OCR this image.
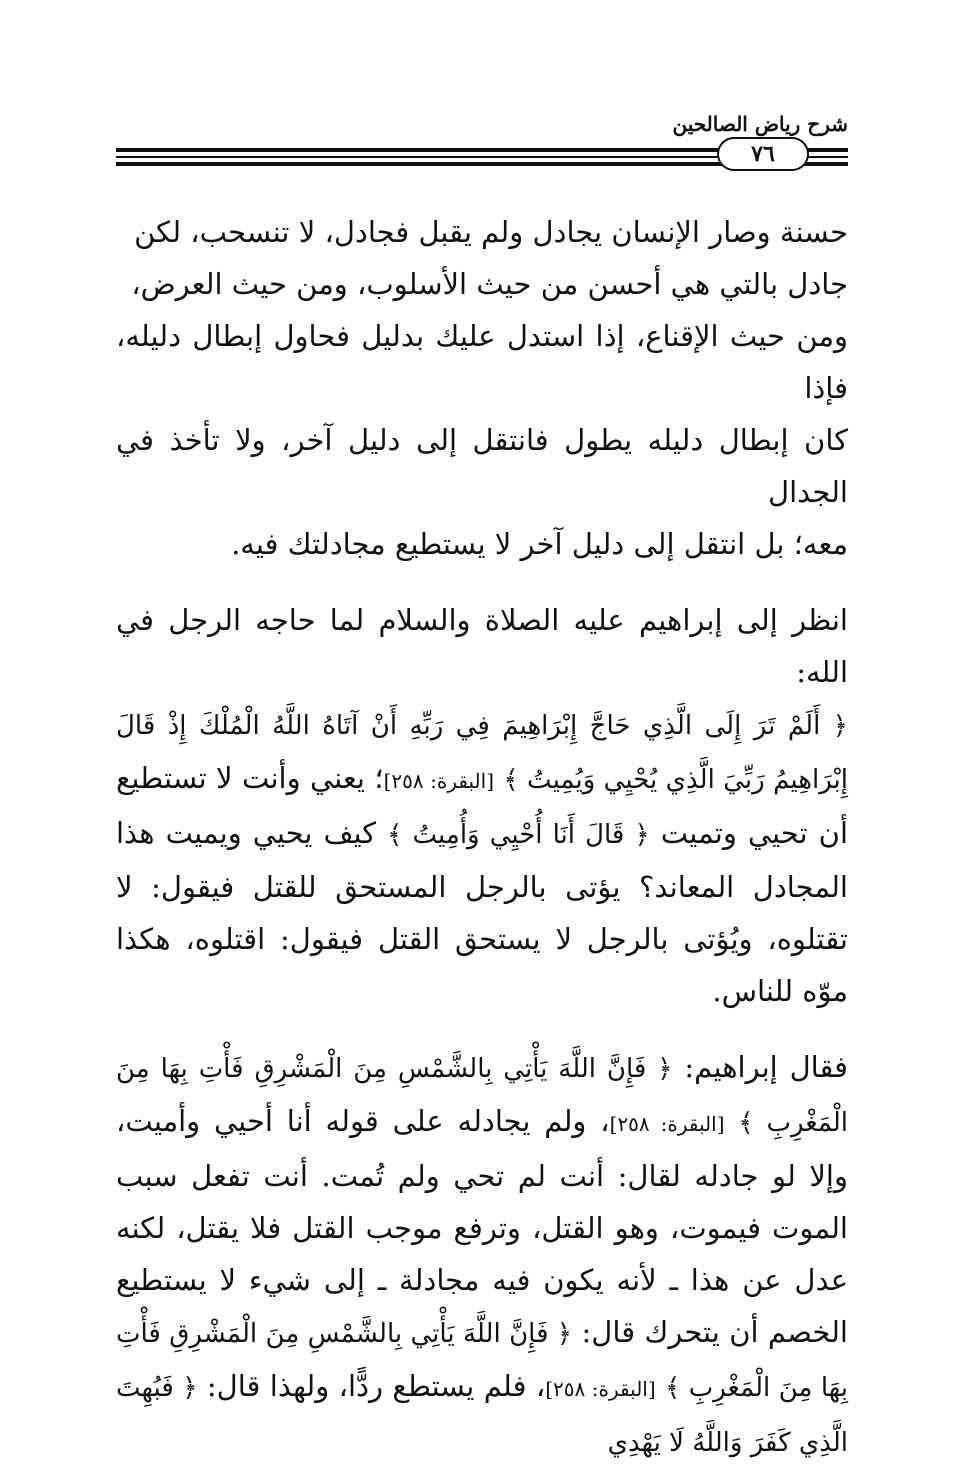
شرح رياض الصالحين
٧٦

حسنة وصار الإنسان يجادل ولم يقبل فجادل، لا تنسحب، لكن
جادل بالتي هي أحسن من حيث الأسلوب، ومن حيث العرض،
ومن حيث الإقناع، إذا استدل عليك بدليل فحاول إبطال دليله، فإذا
كان إبطال دليله يطول فانتقل إلى دليل آخر، ولا تأخذ في الجدال
معه؛ بل انتقل إلى دليل آخر لا يستطيع مجادلتك فيه.

انظر إلى إبراهيم عليه الصلاة والسلام لما حاجه الرجل في الله:
﴿ أَلَمْ تَرَ إِلَى الَّذِي حَاجَّ إِبْرَاهِيمَ فِي رَبِّهِ أَنْ آتَاهُ اللَّهُ الْمُلْكَ إِذْ قَالَ إِبْرَاهِيمُ رَبِّيَ الَّذِي يُحْيِي وَيُمِيتُ ﴾ [البقرة: ٢٥٨]؛ يعني وأنت لا تستطيع أن تحيي وتميت ﴿ قَالَ أَنَا أُحْيِي وَأُمِيتُ ﴾ كيف يحيي ويميت هذا المجادل المعاند؟ يؤتى بالرجل المستحق للقتل فيقول: لا تقتلوه، ويُؤتى بالرجل لا يستحق القتل فيقول: اقتلوه، هكذا موّه للناس.

فقال إبراهيم: ﴿ فَإِنَّ اللَّهَ يَأْتِي بِالشَّمْسِ مِنَ الْمَشْرِقِ فَأْتِ بِهَا مِنَ الْمَغْرِبِ ﴾ [البقرة: ٢٥٨]، ولم يجادله على قوله أنا أحيي وأميت، وإلا لو جادله لقال: أنت لم تحي ولم تُمت. أنت تفعل سبب الموت فيموت، وهو القتل، وترفع موجب القتل فلا يقتل، لكنه عدل عن هذا ـ لأنه يكون فيه مجادلة ـ إلى شيء لا يستطيع الخصم أن يتحرك قال: ﴿ فَإِنَّ اللَّهَ يَأْتِي بِالشَّمْسِ مِنَ الْمَشْرِقِ فَأْتِ بِهَا مِنَ الْمَغْرِبِ ﴾ [البقرة: ٢٥٨]، فلم يستطع ردًّا، ولهذا قال: ﴿ فَبُهِتَ الَّذِي كَفَرَ وَاللَّهُ لَا يَهْدِي
